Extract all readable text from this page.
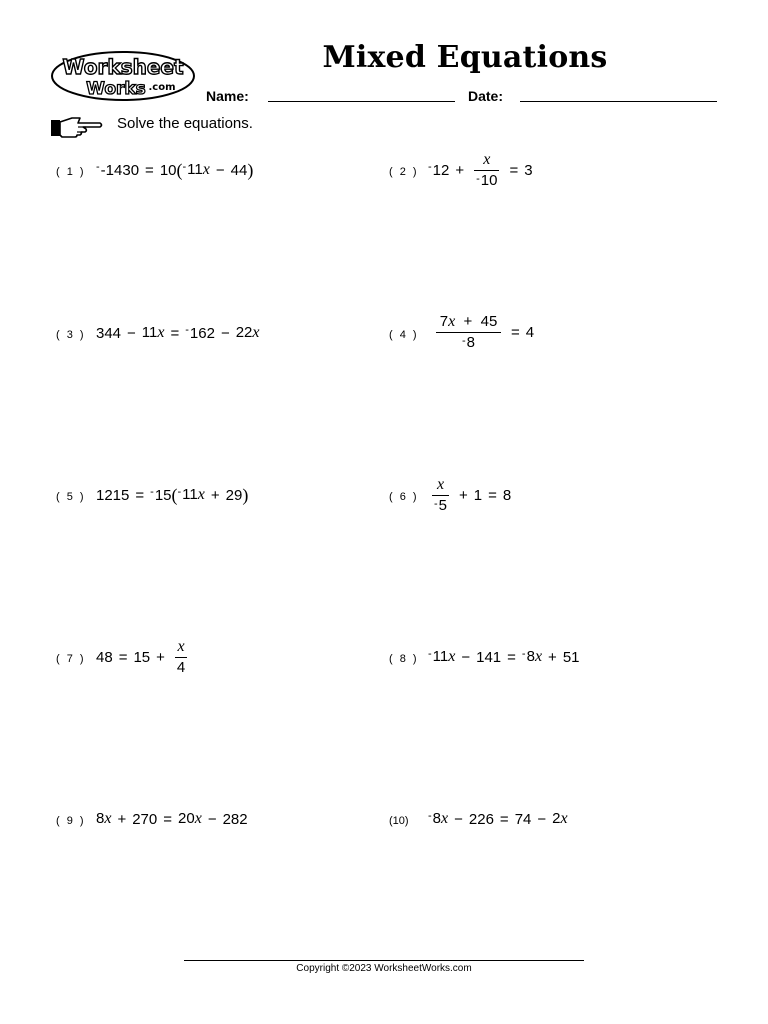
Worksheet
Works .com
Mixed Equations
Name:	Date:
Solve the equations.
( 1 ) - -1430 = 10 ( - 11x − 44 )	( 2 ) - $12 + \frac{x}{^-10} = 3$
( 3 ) 344 − 11x = - 162 − 22x	( 4 ) $\frac{7x + 45}{^-8} = 4$
( 5 ) 1215 = - 15 ( - 11x + 29 )	( 6 ) $\frac{x}{^-5} + 1 = 8$
( 7 ) $48 = 15 + \frac{x}{4}$	( 8 ) - 11x − 141 = - 8x + 51
( 9 ) 8x + 270 = 20x − 282	(10) - 8x − 226 = 74 − 2x
Copyright ©2023 WorksheetWorks.com
